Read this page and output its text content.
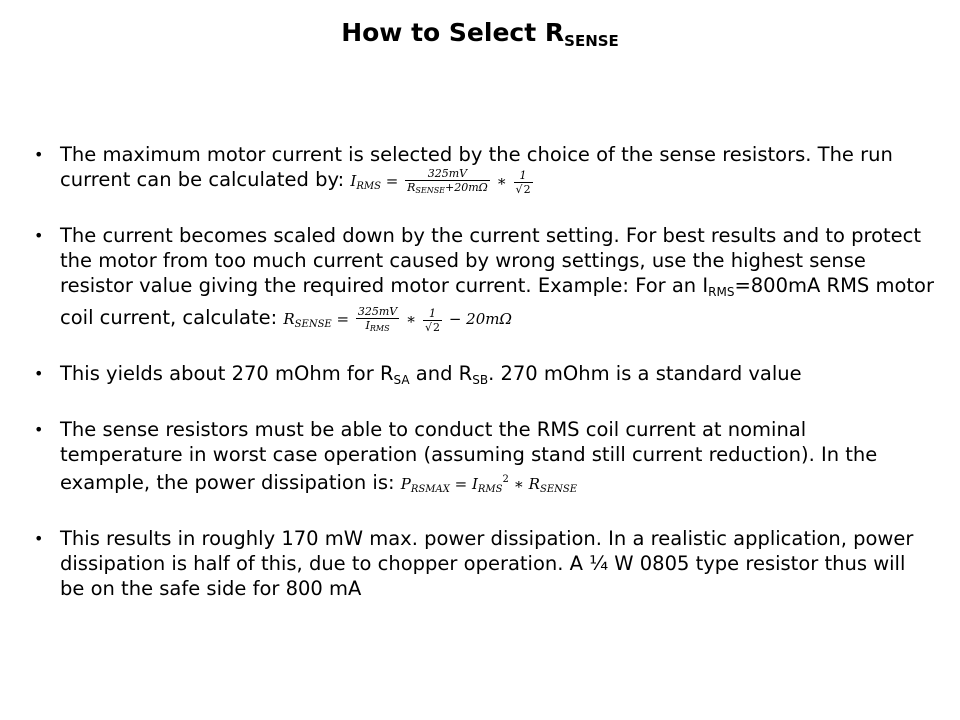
How to Select $R_{SENSE}$
• The maximum motor current is selected by the choice of the sense resistors. The run current can be calculated by: $I_{RMS} = \frac{325mV}{R_{SENSE}+20m\Omega}$ ∗ $\frac{1}{√2}$
• The current becomes scaled down by the current setting. For best results and to protect the motor from too much current caused by wrong settings, use the highest sense resistor value giving the required motor current. Example: For an $I_{RMS}=800mA$ RMS motor coil current, calculate: $R_{SENSE} = \frac{325mV}{I_{RMS}}$ ∗ $\frac{1}{√2} - 20m\Omega$
• This yields about 270 mOhm for $R_{SA}$ and $R_{SB}$. 270 mOhm is a standard value
• The sense resistors must be able to conduct the RMS coil current at nominal temperature in worst case operation (assuming stand still current reduction). In the example, the power dissipation is: $P_{RSMAX} = I_{RMS}^2$ ∗ $R_{SENSE}$
• This results in roughly 170 mW max. power dissipation. In a realistic application, power dissipation is half of this, due to chopper operation. A ¼ W 0805 type resistor thus will be on the safe side for 800 mA
